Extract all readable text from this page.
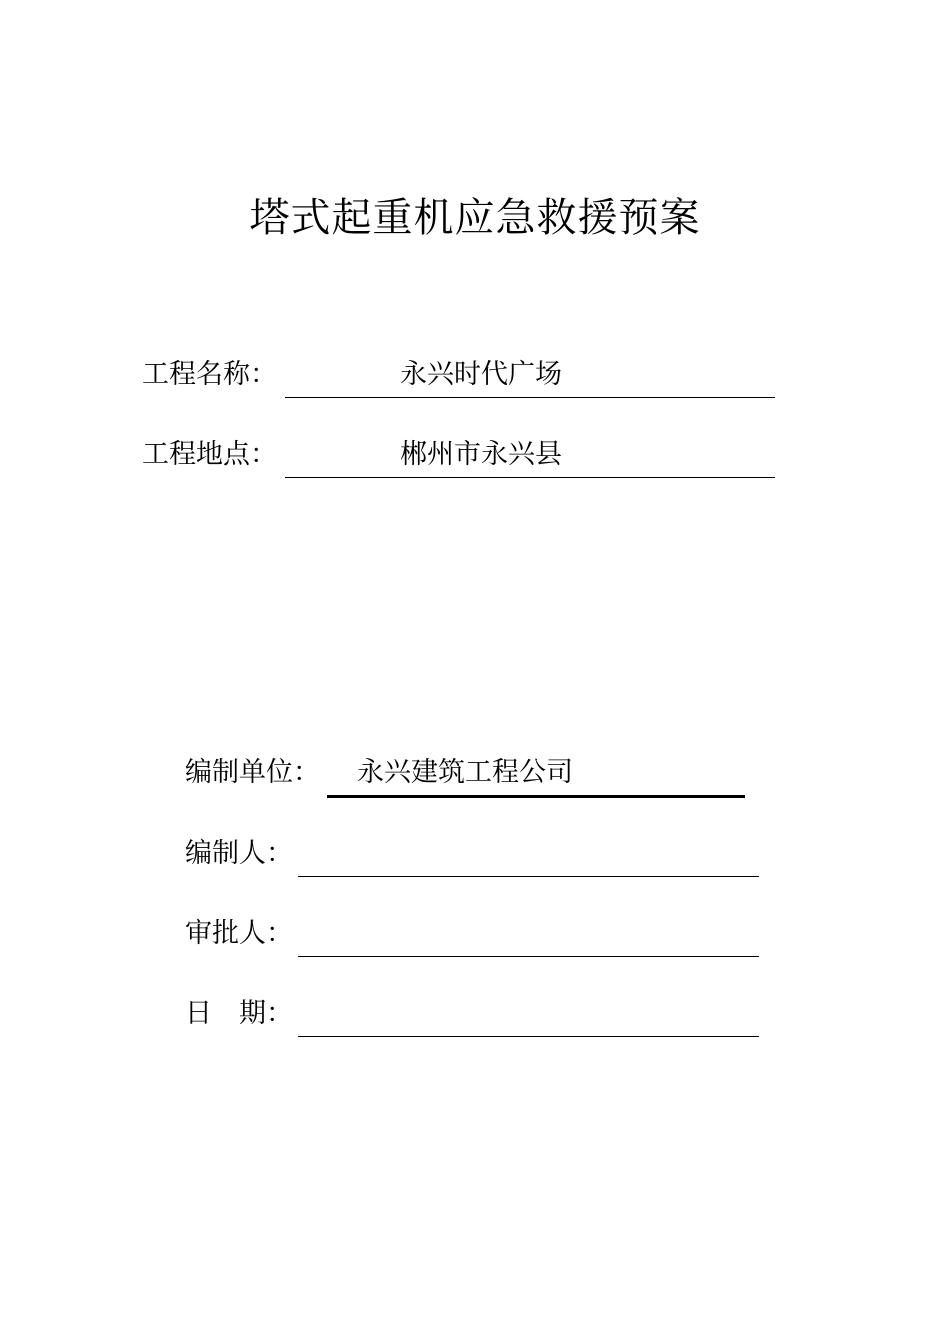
塔式起重机应急救援预案
工程名称：	永兴时代广场
工程地点：	郴州市永兴县
编制单位： 永兴建筑工程公司
编制人：
审批人：
日 期：
